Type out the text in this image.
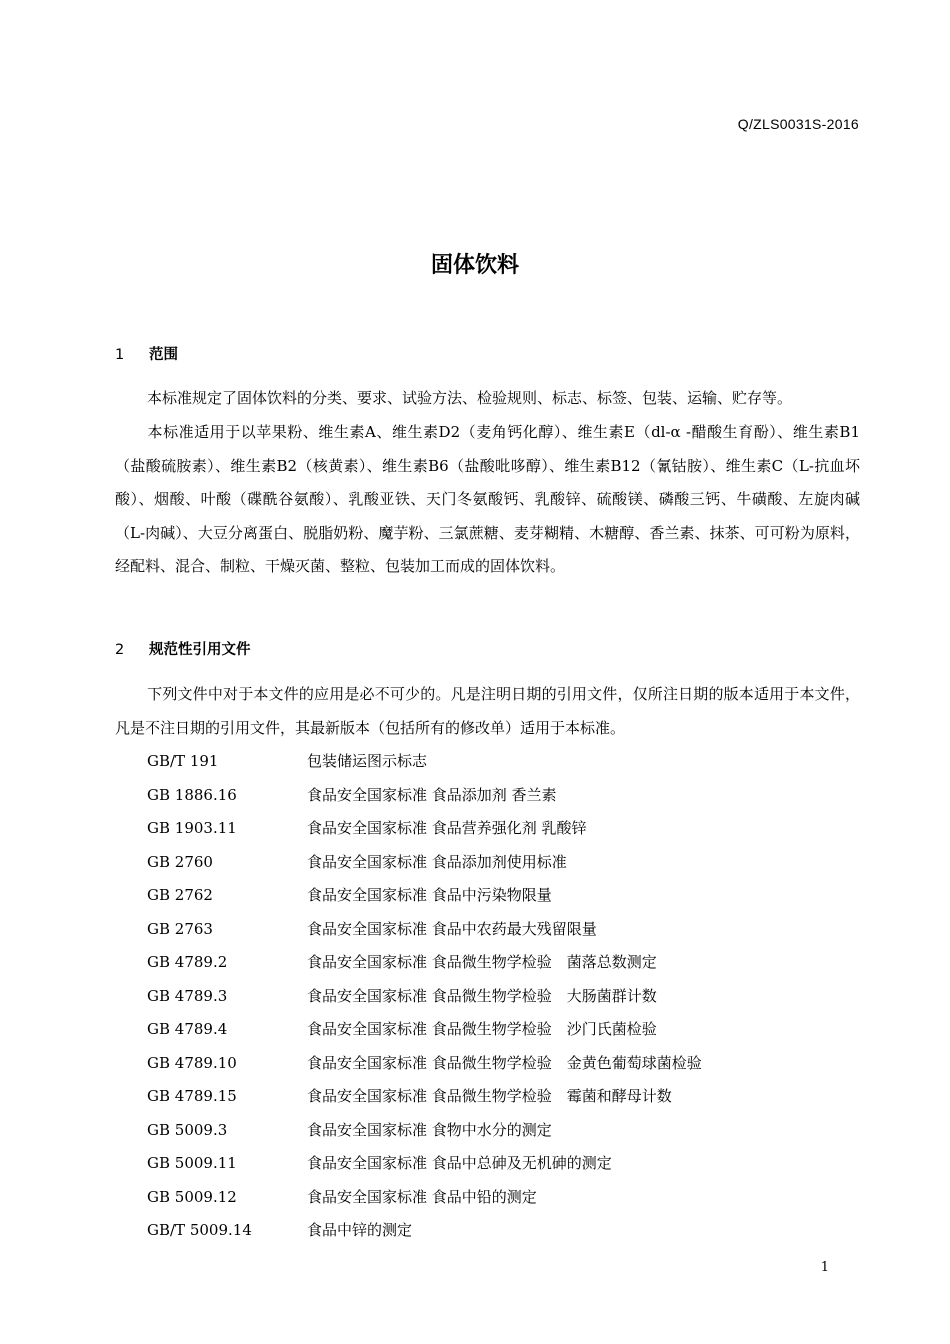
Q/ZLS0031S-2016
固体饮料
1 范围
本标准规定了固体饮料的分类、要求、试验方法、检验规则、标志、标签、包装、运输、贮存等。
本标准适用于以苹果粉、维生素A、维生素D2（麦角钙化醇）、维生素E（dl-α -醋酸生育酚）、维生素B1（盐酸硫胺素）、维生素B2（核黄素）、维生素B6（盐酸吡哆醇）、维生素B12（氰钴胺）、维生素C（L-抗血坏酸）、烟酸、叶酸（碟酰谷氨酸）、乳酸亚铁、天门冬氨酸钙、乳酸锌、硫酸镁、磷酸三钙、牛磺酸、左旋肉碱（L-肉碱）、大豆分离蛋白、脱脂奶粉、魔芋粉、三氯蔗糖、麦芽糊精、木糖醇、香兰素、抹茶、可可粉为原料，经配料、混合、制粒、干燥灭菌、整粒、包装加工而成的固体饮料。
2 规范性引用文件
下列文件中对于本文件的应用是必不可少的。凡是注明日期的引用文件，仅所注日期的版本适用于本文件，凡是不注日期的引用文件，其最新版本（包括所有的修改单）适用于本标准。
GB/T 191	包装储运图示标志
GB 1886.16	食品安全国家标准 食品添加剂 香兰素
GB 1903.11	食品安全国家标准 食品营养强化剂 乳酸锌
GB 2760	食品安全国家标准 食品添加剂使用标准
GB 2762	食品安全国家标准 食品中污染物限量
GB 2763	食品安全国家标准 食品中农药最大残留限量
GB 4789.2	食品安全国家标准 食品微生物学检验　菌落总数测定
GB 4789.3	食品安全国家标准 食品微生物学检验　大肠菌群计数
GB 4789.4	食品安全国家标准 食品微生物学检验　沙门氏菌检验
GB 4789.10	食品安全国家标准 食品微生物学检验　金黄色葡萄球菌检验
GB 4789.15	食品安全国家标准 食品微生物学检验　霉菌和酵母计数
GB 5009.3	食品安全国家标准 食物中水分的测定
GB 5009.11	食品安全国家标准 食品中总砷及无机砷的测定
GB 5009.12	食品安全国家标准 食品中铅的测定
GB/T 5009.14	食品中锌的测定
1
